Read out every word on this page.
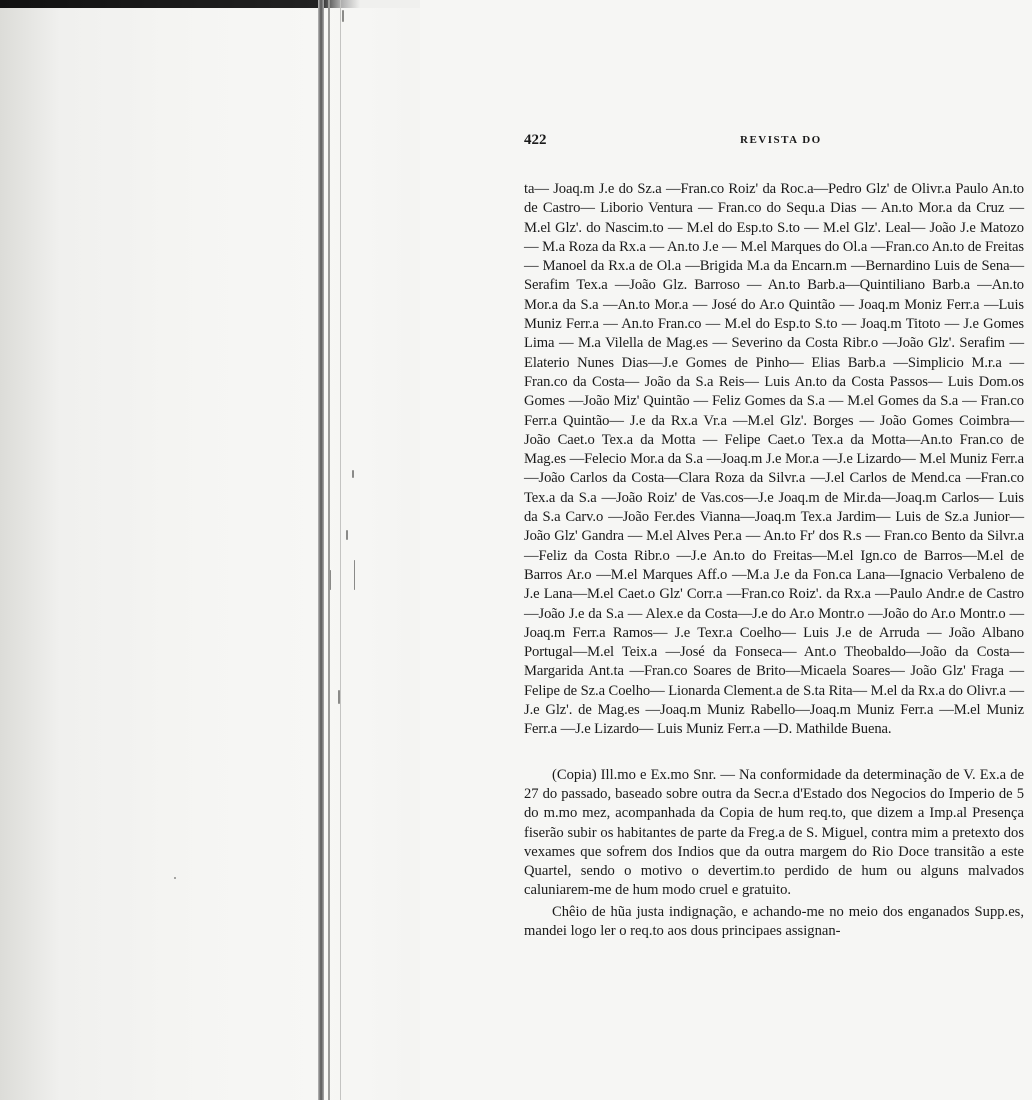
422	REVISTA DO
ta— Joaq.m J.e do Sz.a —Fran.co Roiz' da Roc.a—Pedro Glz' de Olivr.a Paulo An.to de Castro— Liborio Ventura — Fran.co do Sequ.a Dias — An.to Mor.a da Cruz — M.el Glz'. do Nascim.to — M.el do Esp.to S.to — M.el Glz'. Leal— João J.e Matozo — M.a Roza da Rx.a — An.to J.e — M.el Marques do Ol.a —Fran.co An.to de Freitas — Manoel da Rx.a de Ol.a —Brigida M.a da Encarn.m —Bernardino Luis de Sena— Serafim Tex.a —João Glz. Barroso — An.to Barb.a—Quintiliano Barb.a —An.to Mor.a da S.a —An.to Mor.a — José do Ar.o Quintão — Joaq.m Moniz Ferr.a —Luis Muniz Ferr.a — An.to Fran.co — M.el do Esp.to S.to — Joaq.m Titoto — J.e Gomes Lima — M.a Vilella de Mag.es — Severino da Costa Ribr.o —João Glz'. Serafim —Elaterio Nunes Dias—J.e Gomes de Pinho— Elias Barb.a —Simplicio M.r.a —Fran.co da Costa— João da S.a Reis— Luis An.to da Costa Passos— Luis Dom.os Gomes —João Miz' Quintão — Feliz Gomes da S.a — M.el Gomes da S.a — Fran.co Ferr.a Quintão— J.e da Rx.a Vr.a —M.el Glz'. Borges — João Gomes Coimbra— João Caet.o Tex.a da Motta — Felipe Caet.o Tex.a da Motta—An.to Fran.co de Mag.es —Felecio Mor.a da S.a —Joaq.m J.e Mor.a —J.e Lizardo— M.el Muniz Ferr.a —João Carlos da Costa—Clara Roza da Silvr.a —J.el Carlos de Mend.ca —Fran.co Tex.a da S.a —João Roiz' de Vas.cos—J.e Joaq.m de Mir.da—Joaq.m Carlos— Luis da S.a Carv.o —João Fer.des Vianna—Joaq.m Tex.a Jardim— Luis de Sz.a Junior— João Glz' Gandra — M.el Alves Per.a — An.to Fr' dos R.s — Fran.co Bento da Silvr.a —Feliz da Costa Ribr.o —J.e An.to do Freitas—M.el Ign.co de Barros—M.el de Barros Ar.o —M.el Marques Aff.o —M.a J.e da Fon.ca Lana—Ignacio Verbaleno de J.e Lana—M.el Caet.o Glz' Corr.a —Fran.co Roiz'. da Rx.a —Paulo Andr.e de Castro—João J.e da S.a — Alex.e da Costa—J.e do Ar.o Montr.o —João do Ar.o Montr.o —Joaq.m Ferr.a Ramos— J.e Texr.a Coelho— Luis J.e de Arruda — João Albano Portugal—M.el Teix.a —José da Fonseca— Ant.o Theobaldo—João da Costa— Margarida Ant.ta —Fran.co Soares de Brito—Micaela Soares— João Glz' Fraga — Felipe de Sz.a Coelho— Lionarda Clement.a de S.ta Rita— M.el da Rx.a do Olivr.a — J.e Glz'. de Mag.es —Joaq.m Muniz Rabello—Joaq.m Muniz Ferr.a —M.el Muniz Ferr.a —J.e Lizardo— Luis Muniz Ferr.a —D. Mathilde Buena.

(Copia) Ill.mo e Ex.mo Snr. — Na conformidade da determinação de V. Ex.a de 27 do passado, baseado sobre outra da Secr.a d'Estado dos Negocios do Imperio de 5 do m.mo mez, acompanhada da Copia de hum req.to, que dizem a Imp.al Presença fiserão subir os habitantes de parte da Freg.a de S. Miguel, contra mim a pretexto dos vexames que sofrem dos Indios que da outra margem do Rio Doce transitão a este Quartel, sendo o motivo o devertim.to perdido de hum ou alguns malvados caluniarem-me de hum modo cruel e gratuito.

Chêio de hũa justa indignação, e achando-me no meio dos enganados Supp.es, mandei logo ler o req.to aos dous principaes assignan-
